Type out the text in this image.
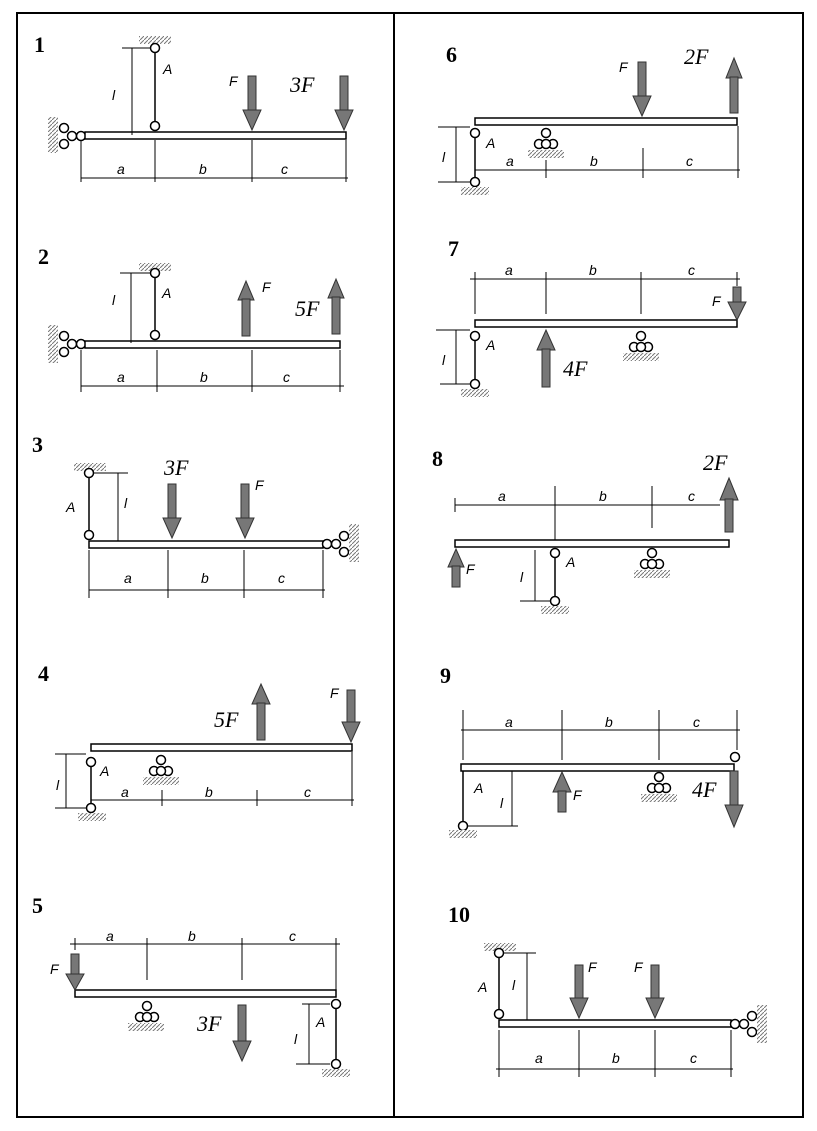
1
A
l
F 3F
a	b	c
2
A
l
F
5F
a	b	c
3
A	l
3F
F
a	b	c
4
A
l
5F
F
a	b	c
5
a	b	c
F
3F	A
l
6
A
l
F	2F
a	b	c
7
a	b	c
F
A
l	4F
8
a	b	c
2F
F	A
l
9
a	b	c
4F
F
A
l
10
A l
F	F
a	b	c
